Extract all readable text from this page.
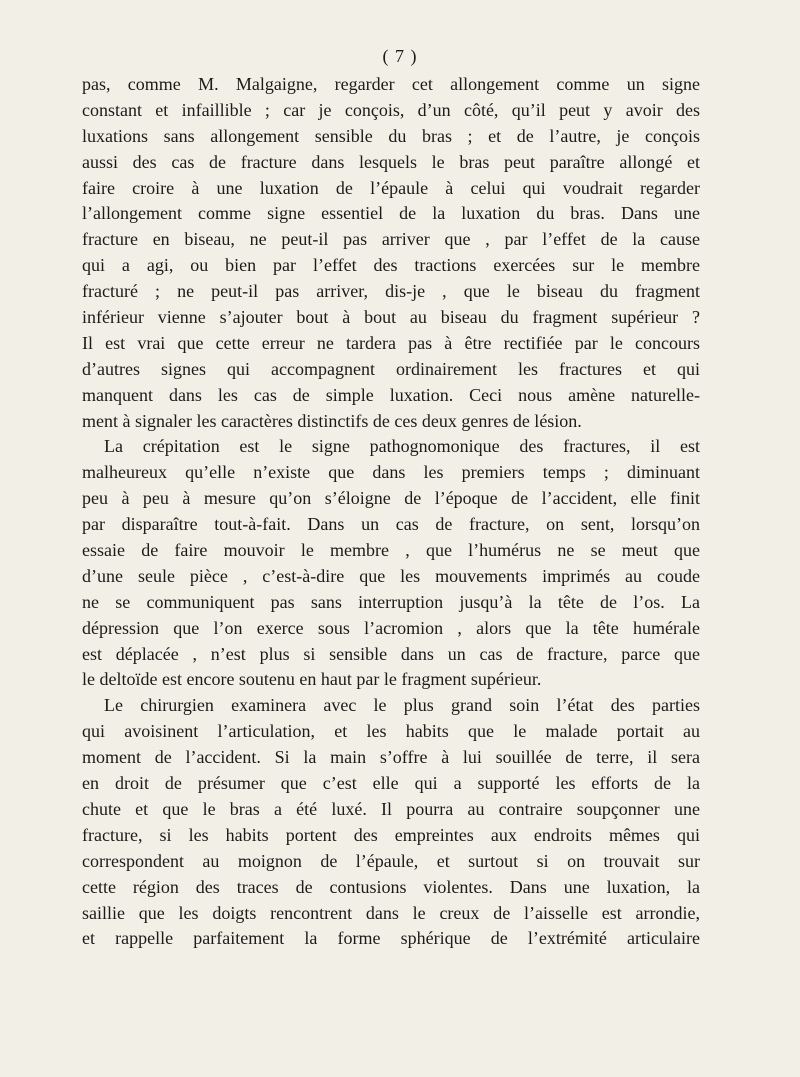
( 7 )
pas, comme M. Malgaigne, regarder cet allongement comme un signe
constant et infaillible ; car je conçois, d’un côté, qu’il peut y avoir des
luxations sans allongement sensible du bras ; et de l’autre, je conçois
aussi des cas de fracture dans lesquels le bras peut paraître allongé et
faire croire à une luxation de l’épaule à celui qui voudrait regarder
l’allongement comme signe essentiel de la luxation du bras. Dans une
fracture en biseau, ne peut-il pas arriver que , par l’effet de la cause
qui a agi, ou bien par l’effet des tractions exercées sur le membre
fracturé ; ne peut-il pas arriver, dis-je , que le biseau du fragment
inférieur vienne s’ajouter bout à bout au biseau du fragment supérieur ?
Il est vrai que cette erreur ne tardera pas à être rectifiée par le concours
d’autres signes qui accompagnent ordinairement les fractures et qui
manquent dans les cas de simple luxation. Ceci nous amène naturelle-
ment à signaler les caractères distinctifs de ces deux genres de lésion.
La crépitation est le signe pathognomonique des fractures, il est
malheureux qu’elle n’existe que dans les premiers temps ; diminuant
peu à peu à mesure qu’on s’éloigne de l’époque de l’accident, elle finit
par disparaître tout-à-fait. Dans un cas de fracture, on sent, lorsqu’on
essaie de faire mouvoir le membre , que l’humérus ne se meut que
d’une seule pièce , c’est-à-dire que les mouvements imprimés au coude
ne se communiquent pas sans interruption jusqu’à la tête de l’os. La
dépression que l’on exerce sous l’acromion , alors que la tête humérale
est déplacée , n’est plus si sensible dans un cas de fracture, parce que
le deltoïde est encore soutenu en haut par le fragment supérieur.
Le chirurgien examinera avec le plus grand soin l’état des parties
qui avoisinent l’articulation, et les habits que le malade portait au
moment de l’accident. Si la main s’offre à lui souillée de terre, il sera
en droit de présumer que c’est elle qui a supporté les efforts de la
chute et que le bras a été luxé. Il pourra au contraire soupçonner une
fracture, si les habits portent des empreintes aux endroits mêmes qui
correspondent au moignon de l’épaule, et surtout si on trouvait sur
cette région des traces de contusions violentes. Dans une luxation, la
saillie que les doigts rencontrent dans le creux de l’aisselle est arrondie,
et rappelle parfaitement la forme sphérique de l’extrémité articulaire
